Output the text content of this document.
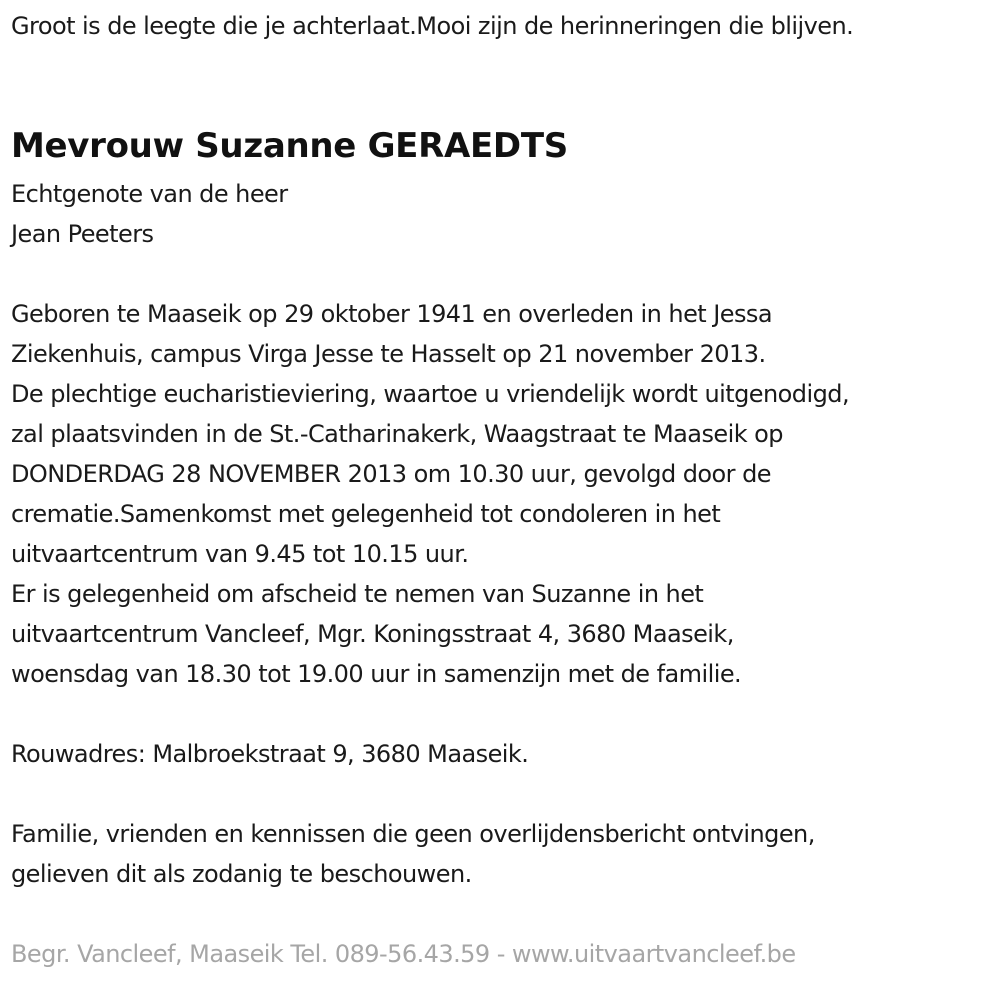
Groot is de leegte die je achterlaat.Mooi zijn de herinneringen die blijven.

Mevrouw Suzanne GERAEDTS
Echtgenote van de heer
Jean Peeters
Geboren te Maaseik op 29 oktober 1941 en overleden in het Jessa
Ziekenhuis, campus Virga Jesse te Hasselt op 21 november 2013.
De plechtige eucharistieviering, waartoe u vriendelijk wordt uitgenodigd,
zal plaatsvinden in de St.-Catharinakerk, Waagstraat te Maaseik op
DONDERDAG 28 NOVEMBER 2013 om 10.30 uur, gevolgd door de
crematie.Samenkomst met gelegenheid tot condoleren in het
uitvaartcentrum van 9.45 tot 10.15 uur.
Er is gelegenheid om afscheid te nemen van Suzanne in het
uitvaartcentrum Vancleef, Mgr. Koningsstraat 4, 3680 Maaseik,
woensdag van 18.30 tot 19.00 uur in samenzijn met de familie.

Rouwadres: Malbroekstraat 9, 3680 Maaseik.

Familie, vrienden en kennissen die geen overlijdensbericht ontvingen,
gelieven dit als zodanig te beschouwen.

Begr. Vancleef, Maaseik Tel. 089-56.43.59 - www.uitvaartvancleef.be
